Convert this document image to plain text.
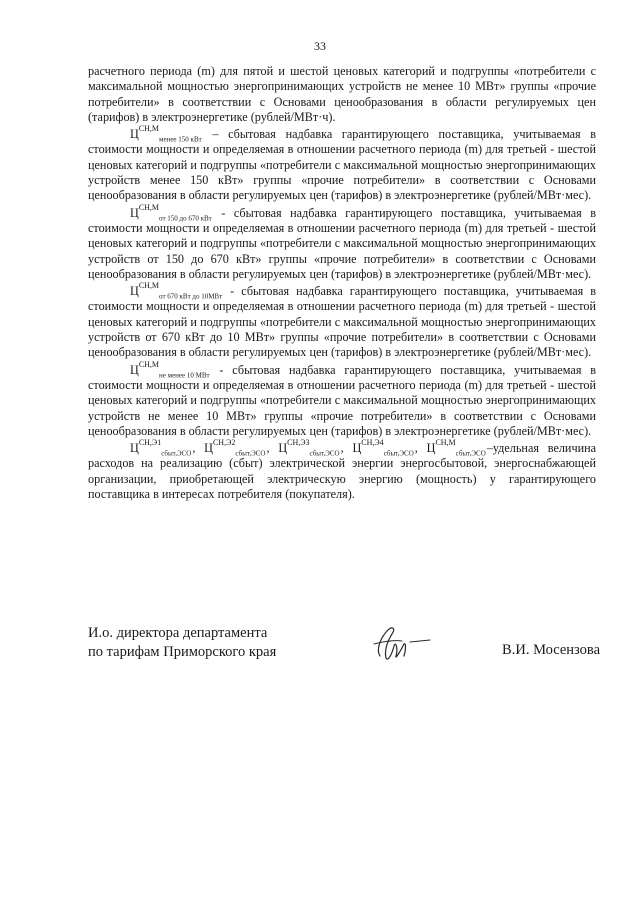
33

расчетного периода (m) для пятой и шестой ценовых категорий и подгруппы «потребители с максимальной мощностью энергопринимающих устройств не менее 10 МВт» группы «прочие потребители» в соответствии с Основами ценообразования в области регулируемых цен (тарифов) в электроэнергетике (рублей/МВт·ч).

$Ц^{СН,М}_{менее 150 кВт}$ – сбытовая надбавка гарантирующего поставщика, учитываемая в стоимости мощности и определяемая в отношении расчетного периода (m) для третьей - шестой ценовых категорий и подгруппы «потребители с максимальной мощностью энергопринимающих устройств менее 150 кВт» группы «прочие потребители» в соответствии с Основами ценообразования в области регулируемых цен (тарифов) в электроэнергетике (рублей/МВт·мес).

$Ц^{СН,М}_{от 150 до 670 кВт}$ - сбытовая надбавка гарантирующего поставщика, учитываемая в стоимости мощности и определяемая в отношении расчетного периода (m) для третьей - шестой ценовых категорий и подгруппы «потребители с максимальной мощностью энергопринимающих устройств от 150 до 670 кВт» группы «прочие потребители» в соответствии с Основами ценообразования в области регулируемых цен (тарифов) в электроэнергетике (рублей/МВт·мес).

$Ц^{СН,М}_{от 670 кВт до 10МВт}$ - сбытовая надбавка гарантирующего поставщика, учитываемая в стоимости мощности и определяемая в отношении расчетного периода (m) для третьей - шестой ценовых категорий и подгруппы «потребители с максимальной мощностью энергопринимающих устройств от 670 кВт до 10 МВт» группы «прочие потребители» в соответствии с Основами ценообразования в области регулируемых цен (тарифов) в электроэнергетике (рублей/МВт·мес).

$Ц^{СН,М}_{не менее 10 МВт}$ - сбытовая надбавка гарантирующего поставщика, учитываемая в стоимости мощности и определяемая в отношении расчетного периода (m) для третьей - шестой ценовых категорий и подгруппы «потребители с максимальной мощностью энергопринимающих устройств не менее 10 МВт» группы «прочие потребители» в соответствии с Основами ценообразования в области регулируемых цен (тарифов) в электроэнергетике (рублей/МВт·мес).

$Ц^{СН,Э1}_{сбыт,ЭСО}$, $Ц^{СН,Э2}_{сбыт,ЭСО}$, $Ц^{СН,Э3}_{сбыт,ЭСО}$, $Ц^{СН,Э4}_{сбыт,ЭСО}$, $Ц^{СН,М}_{сбыт,ЭСО}$–удельная величина расходов на реализацию (сбыт) электрической энергии энергосбытовой, энергоснабжающей организации, приобретающей электрическую энергию (мощность) у гарантирующего поставщика в интересах потребителя (покупателя).

И.о. директора департамента
по тарифам Приморского края	В.И. Мосензова
